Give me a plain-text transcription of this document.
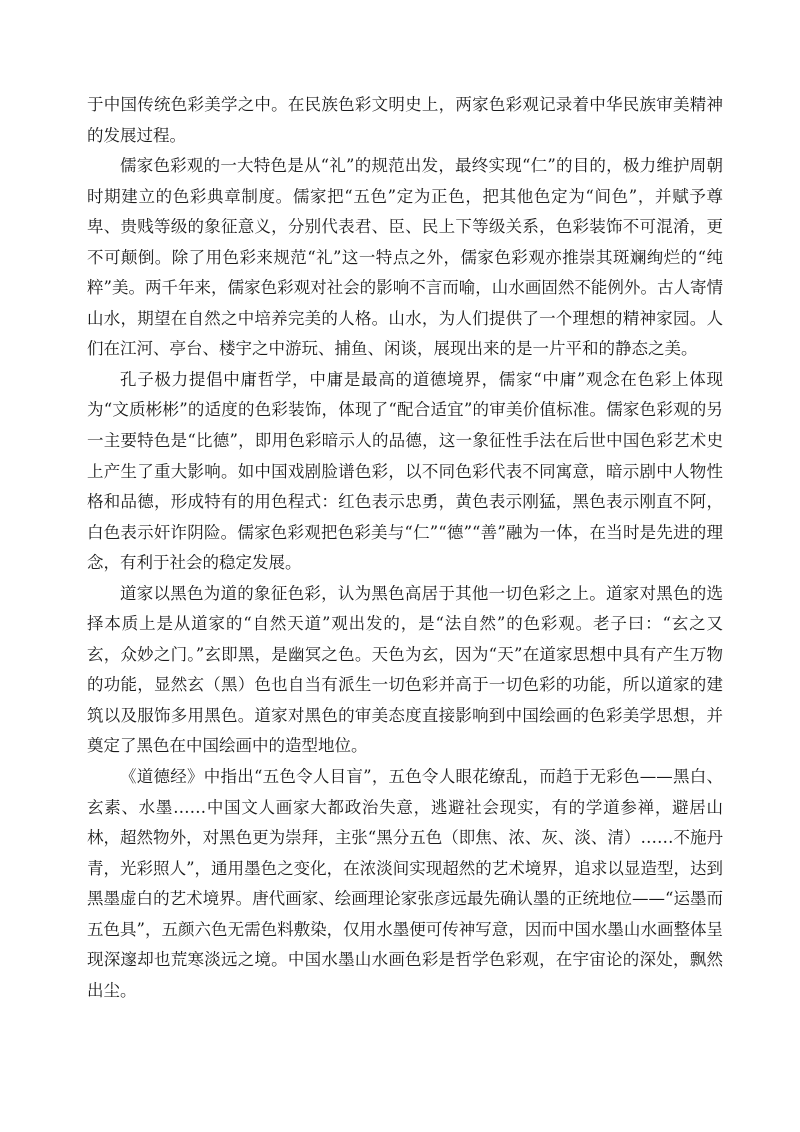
于中国传统色彩美学之中。在民族色彩文明史上，两家色彩观记录着中华民族审美精神的发展过程。

儒家色彩观的一大特色是从“礼”的规范出发，最终实现“仁”的目的，极力维护周朝时期建立的色彩典章制度。儒家把“五色”定为正色，把其他色定为“间色”，并赋予尊卑、贵贱等级的象征意义，分别代表君、臣、民上下等级关系，色彩装饰不可混淆，更不可颠倒。除了用色彩来规范“礼”这一特点之外，儒家色彩观亦推崇其斑斓绚烂的“纯粹”美。两千年来，儒家色彩观对社会的影响不言而喻，山水画固然不能例外。古人寄情山水，期望在自然之中培养完美的人格。山水，为人们提供了一个理想的精神家园。人们在江河、亭台、楼宇之中游玩、捕鱼、闲谈，展现出来的是一片平和的静态之美。

孔子极力提倡中庸哲学，中庸是最高的道德境界，儒家“中庸”观念在色彩上体现为“文质彬彬”的适度的色彩装饰，体现了“配合适宜”的审美价值标准。儒家色彩观的另一主要特色是“比德”，即用色彩暗示人的品德，这一象征性手法在后世中国色彩艺术史上产生了重大影响。如中国戏剧脸谱色彩，以不同色彩代表不同寓意，暗示剧中人物性格和品德，形成特有的用色程式：红色表示忠勇，黄色表示刚猛，黑色表示刚直不阿，白色表示奸诈阴险。儒家色彩观把色彩美与“仁”“德”“善”融为一体，在当时是先进的理念，有利于社会的稳定发展。

道家以黑色为道的象征色彩，认为黑色高居于其他一切色彩之上。道家对黑色的选择本质上是从道家的“自然天道”观出发的，是“法自然”的色彩观。老子曰：“玄之又玄，众妙之门。”玄即黑，是幽冥之色。天色为玄，因为“天”在道家思想中具有产生万物的功能，显然玄（黑）色也自当有派生一切色彩并高于一切色彩的功能，所以道家的建筑以及服饰多用黑色。道家对黑色的审美态度直接影响到中国绘画的色彩美学思想，并奠定了黑色在中国绘画中的造型地位。

《道德经》中指出“五色令人目盲”，五色令人眼花缭乱，而趋于无彩色——黑白、玄素、水墨……中国文人画家大都政治失意，逃避社会现实，有的学道参禅，避居山林，超然物外，对黑色更为崇拜，主张“黑分五色（即焦、浓、灰、淡、清）……不施丹青，光彩照人”，通用墨色之变化，在浓淡间实现超然的艺术境界，追求以显造型，达到黑墨虚白的艺术境界。唐代画家、绘画理论家张彦远最先确认墨的正统地位——“运墨而五色具”，五颜六色无需色料敷染，仅用水墨便可传神写意，因而中国水墨山水画整体呈现深邃却也荒寒淡远之境。中国水墨山水画色彩是哲学色彩观，在宇宙论的深处，飘然出尘。
